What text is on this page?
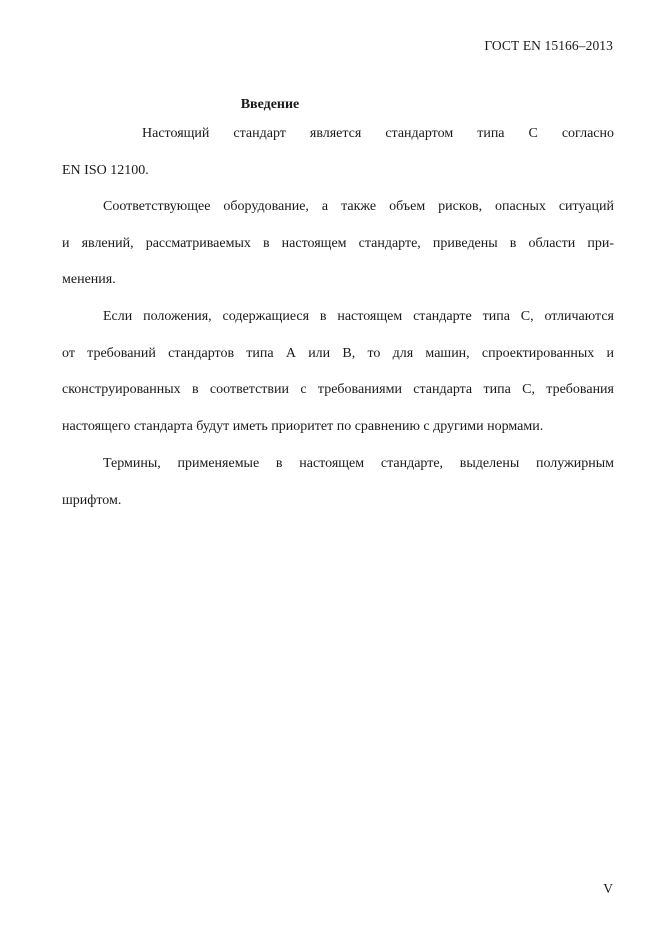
ГОСТ EN 15166–2013
Введение
Настоящий стандарт является стандартом типа С согласно
EN ISO 12100.
Соответствующее оборудование, а также объем рисков, опасных ситуаций
и явлений, рассматриваемых в настоящем стандарте, приведены в области при-
менения.
Если положения, содержащиеся в настоящем стандарте типа С, отличаются
от требований стандартов типа А или В, то для машин, спроектированных и
сконструированных в соответствии с требованиями стандарта типа С, требования
настоящего стандарта будут иметь приоритет по сравнению с другими нормами.
Термины, применяемые в настоящем стандарте, выделены полужирным
шрифтом.
V
